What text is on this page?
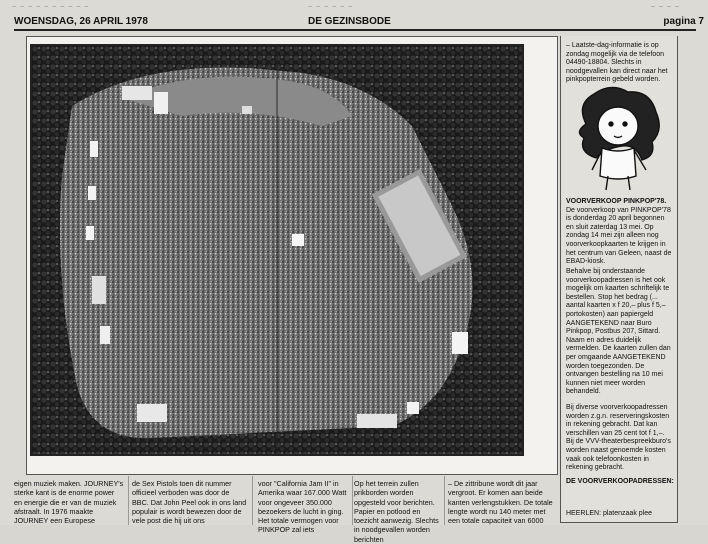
~ ~ ~ ~ ~ ~ ~ ~ ~ ~	~ ~ ~ ~ ~ ~	~ ~ ~ ~
WOENSDAG, 26 APRIL 1978	DE GEZINSBODE	pagina 7
– Laatste-dag-informatie is op zondag mogelijk via de telefoon 04490-18804. Slechts in noodgevallen kan direct naar het pinkpopterrein gebeld worden.
VOORVERKOOP PINKPOP'78.
De voorverkoop van PINKPOP'78 is donderdag 20 april begonnen en sluit zaterdag 13 mei. Op zondag 14 mei zijn alleen nog voorverkoopkaarten te krijgen in het centrum van Geleen, naast de EBAD-kiosk.
Behalve bij onderstaande voorverkoopadressen is het ook mogelijk om kaarten schriftelijk te bestellen. Stop het bedrag (... aantal kaarten x f 20,– plus f 5,– portokosten) aan papiergeld AANGETEKEND naar Buro Pinkpop, Postbus 207, Sittard. Naam en adres duidelijk vermelden. De kaarten zullen dan per omgaande AANGETEKEND worden toegezonden. De ontvangen bestelling na 10 mei kunnen niet meer worden behandeld.
Bij diverse voorverkoopadressen worden z.g.n. reserveringskosten in rekening gebracht. Dat kan verschillen van 25 cent tot f 1,–. Bij de VVV-theaterbespreekburo's worden naast genoemde kosten vaak ook telefoonkosten in rekening gebracht.
DE VOORVERKOOPADRESSEN:
HEERLEN: platenzaak plee
eigen muziek maken. JOURNEY's sterke kant is de enorme power en energie die er van de muziek afstraalt. In 1976 maakte JOURNEY een Europese
de Sex Pistols toen dit nummer officieel verboden was door de BBC. Dat John Peel ook in ons land populair is wordt bewezen door de vele post die hij uit ons
voor "California Jam II" in Amerika waar 167.000 Watt voor ongeveer 350.000 bezoekers de lucht in ging. Het totale vermogen voor PINKPOP zal iets
Op het terrein zullen prikborden worden opgesteld voor berichten. Papier en potlood en toezicht aanwezig. Slechts in noodgevallen worden berichten
– De zittribune wordt dit jaar vergroot. Er komen aan beide kanten verlengstukken. De totale lengte wordt nu 140 meter met een totale capaciteit van 6000
